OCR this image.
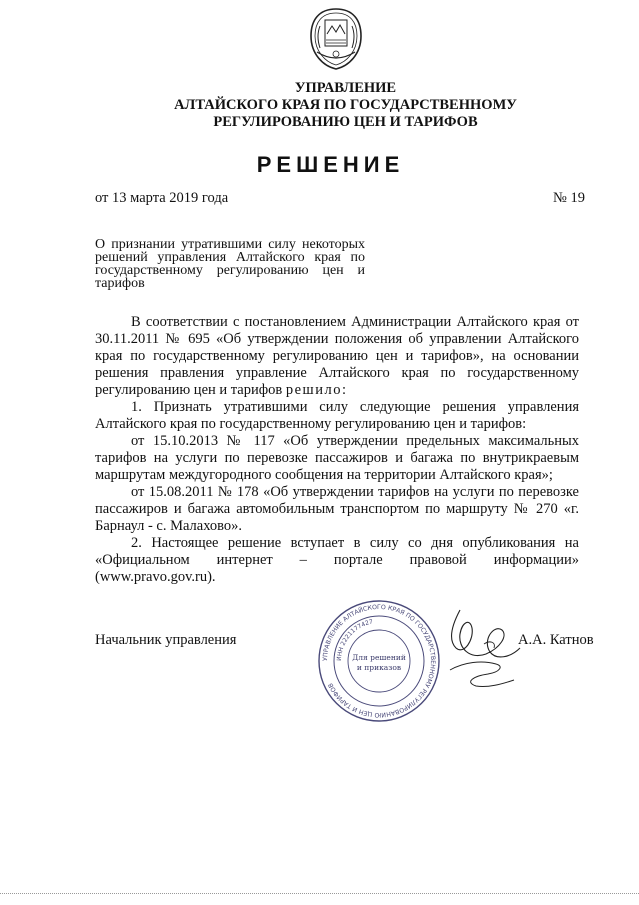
УПРАВЛЕНИЕ
АЛТАЙСКОГО КРАЯ ПО ГОСУДАРСТВЕННОМУ
РЕГУЛИРОВАНИЮ ЦЕН И ТАРИФОВ
РЕШЕНИЕ
от 13 марта 2019 года	№ 19
О признании утратившими силу некоторых решений управления Алтайского края по государственному регулированию цен и тарифов

В соответствии с постановлением Администрации Алтайского края от 30.11.2011 № 695 «Об утверждении положения об управлении Алтайского края по государственному регулированию цен и тарифов», на основании решения правления управление Алтайского края по государственному регулированию цен и тарифов решило:

1. Признать утратившими силу следующие решения управления Алтайского края по государственному регулированию цен и тарифов:

от 15.10.2013 № 117 «Об утверждении предельных максимальных тарифов на услуги по перевозке пассажиров и багажа по внутрикраевым маршрутам междугородного сообщения на территории Алтайского края»;

от 15.08.2011 № 178 «Об утверждении тарифов на услуги по перевозке пассажиров и багажа автомобильным транспортом по маршруту № 270 «г. Барнаул - с. Малахово».

2. Настоящее решение вступает в силу со дня опубликования на «Официальном интернет – портале правовой информации» (www.pravo.gov.ru).

Начальник управления	А.А. Катнов
УПРАВЛЕНИЕ АЛТАЙСКОГО КРАЯ ПО ГОСУДАРСТВЕННОМУ РЕГУЛИРОВАНИЮ ЦЕН И ТАРИФОВ
ИНН 2221177427
Для решений
и приказов
